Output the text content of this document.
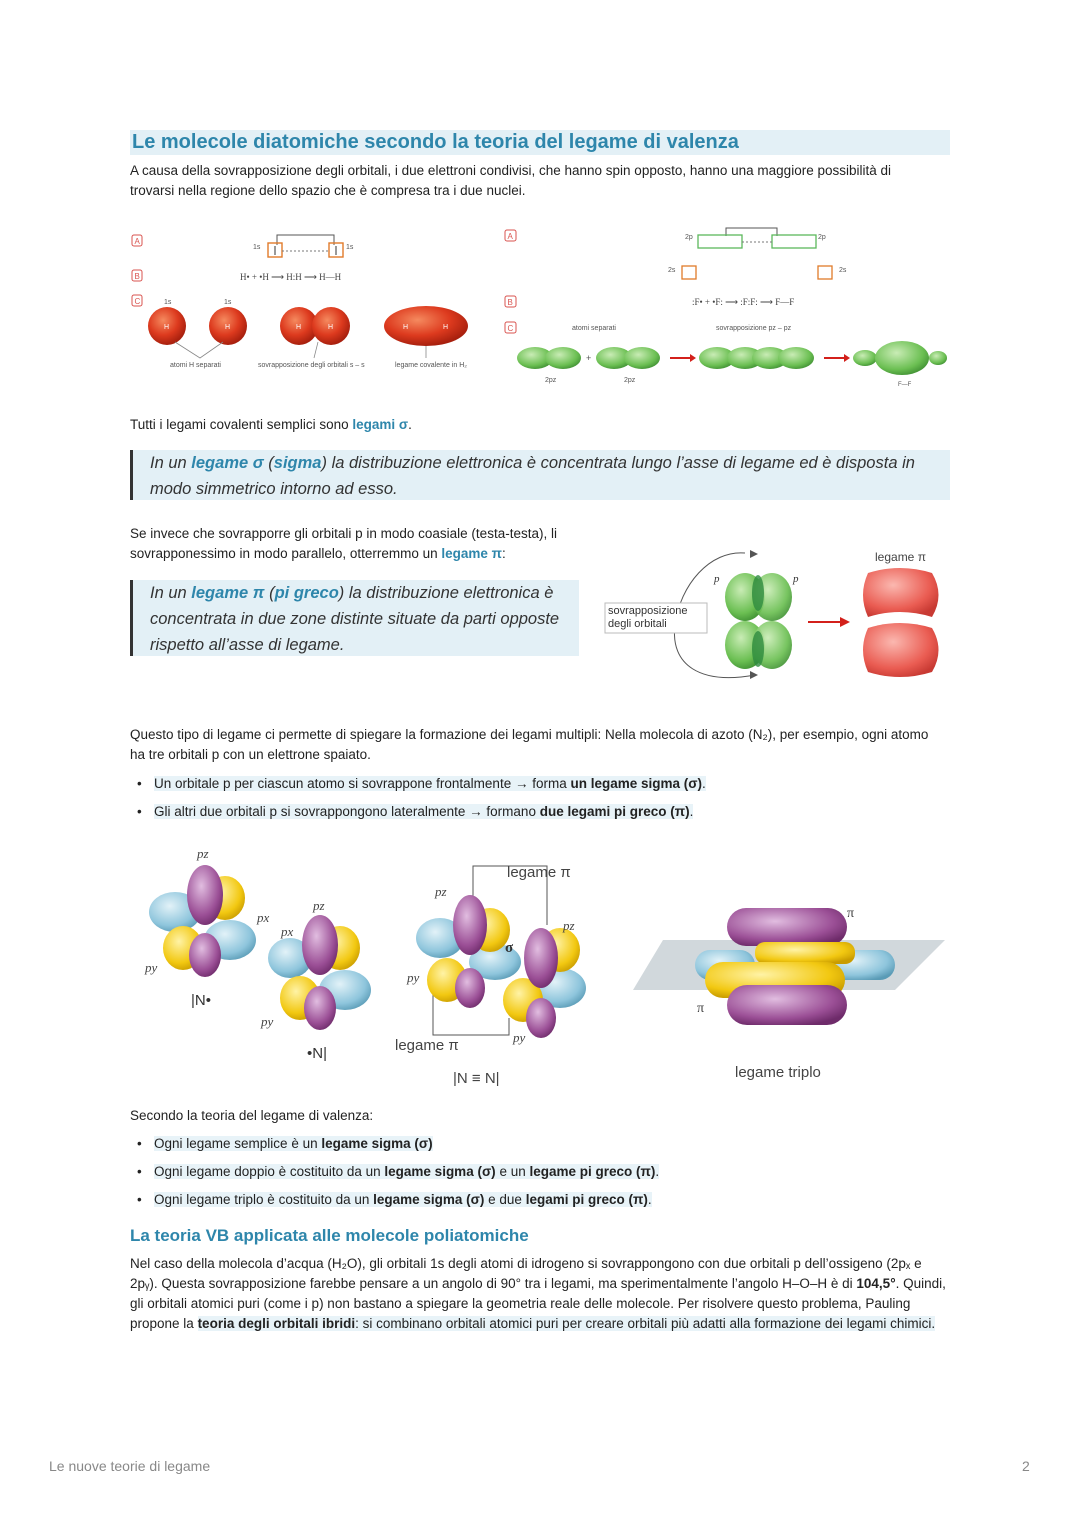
Le molecole diatomiche secondo la teoria del legame di valenza
A causa della sovrapposizione degli orbitali, i due elettroni condivisi, che hanno spin opposto, hanno una maggiore possibilità di trovarsi nella regione dello spazio che è compresa tra i due nuclei.
A
B
C
1s	1s
H• + •H ⟶ H:H ⟶ H—H
1s	1s
H	H	H	H	H	H
atomi H separati	sovrapposizione degli orbitali s – s	legame covalente in H₂
A
B
C
2p	2p
2s	2s
:F• + •F: ⟶ :F:F: ⟶ F—F
atomi separati	sovrapposizione pz – pz
+
2pz	2pz
F—F
Tutti i legami covalenti semplici sono legami σ.
In un legame σ (sigma) la distribuzione elettronica è concentrata lungo l’asse di legame ed è disposta in modo simmetrico intorno ad esso.
Se invece che sovrapporre gli orbitali p in modo coasiale (testa-testa), li sovrapponessimo in modo parallelo, otterremmo un legame π:
In un legame π (pi greco) la distribuzione elettronica è concentrata in due zone distinte situate da parti opposte rispetto all’asse di legame.
sovrapposizione degli orbitali
p	p
legame π
Questo tipo di legame ci permette di spiegare la formazione dei legami multipli: Nella molecola di azoto (N₂), per esempio, ogni atomo ha tre orbitali p con un elettrone spaiato.
• Un orbitale p per ciascun atomo si sovrappone frontalmente → forma un legame sigma (σ).
• Gli altri due orbitali p si sovrappongono lateralmente → formano due legami pi greco (π).
pz
px
py
|N•
pz
px
py
•N|
legame π
pz
pz
py
py
σ
legame π
|N ≡ N|
π
π
legame triplo
Secondo la teoria del legame di valenza:
• Ogni legame semplice è un legame sigma (σ)
• Ogni legame doppio è costituito da un legame sigma (σ) e un legame pi greco (π).
• Ogni legame triplo è costituito da un legame sigma (σ) e due legami pi greco (π).
La teoria VB applicata alle molecole poliatomiche
Nel caso della molecola d’acqua (H₂O), gli orbitali 1s degli atomi di idrogeno si sovrappongono con due orbitali p dell’ossigeno (2pₓ e 2pᵧ). Questa sovrapposizione farebbe pensare a un angolo di 90° tra i legami, ma sperimentalmente l’angolo H–O–H è di 104,5°. Quindi, gli orbitali atomici puri (come i p) non bastano a spiegare la geometria reale delle molecole. Per risolvere questo problema, Pauling propone la teoria degli orbitali ibridi: si combinano orbitali atomici puri per creare orbitali più adatti alla formazione dei legami chimici.
Le nuove teorie di legame	2
